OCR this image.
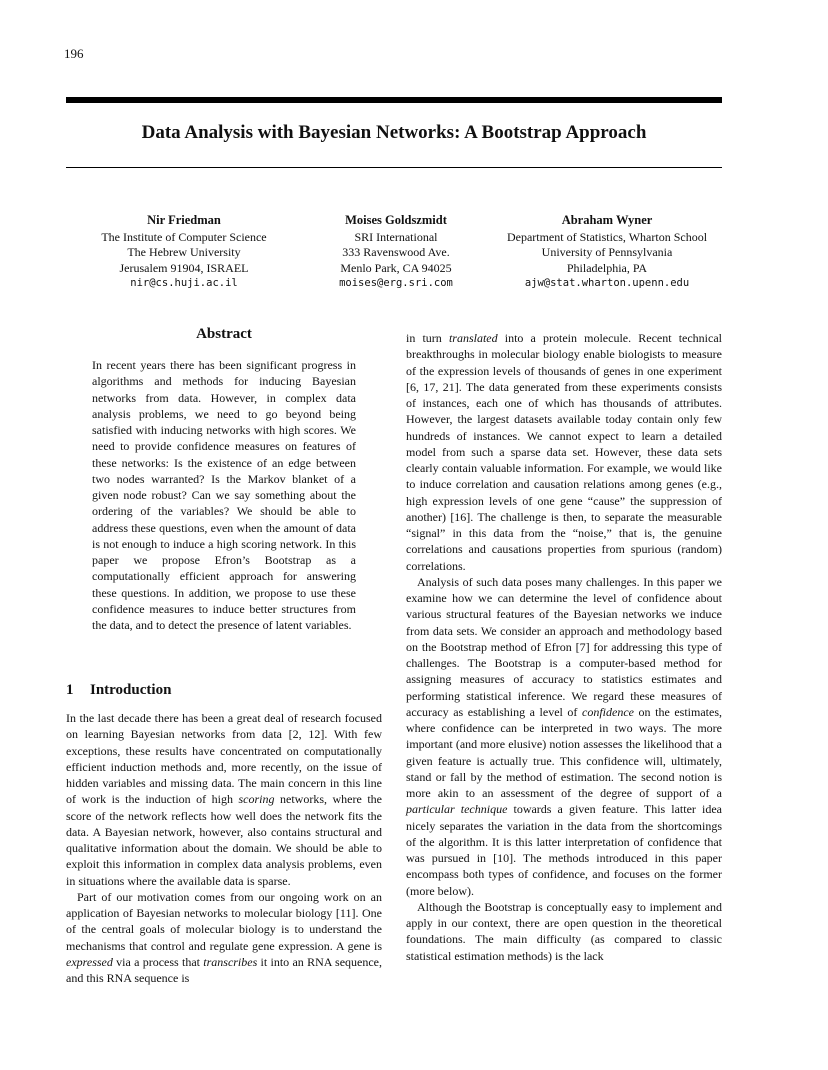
196
Data Analysis with Bayesian Networks: A Bootstrap Approach
Nir Friedman
The Institute of Computer Science
The Hebrew University
Jerusalem 91904, ISRAEL
nir@cs.huji.ac.il
Moises Goldszmidt
SRI International
333 Ravenswood Ave.
Menlo Park, CA 94025
moises@erg.sri.com
Abraham Wyner
Department of Statistics, Wharton School
University of Pennsylvania
Philadelphia, PA
ajw@stat.wharton.upenn.edu
Abstract

In recent years there has been significant progress in algorithms and methods for inducing Bayesian networks from data. However, in complex data analysis problems, we need to go beyond being satisfied with inducing networks with high scores. We need to provide confidence measures on features of these networks: Is the existence of an edge between two nodes warranted? Is the Markov blanket of a given node robust? Can we say something about the ordering of the variables? We should be able to address these questions, even when the amount of data is not enough to induce a high scoring network. In this paper we propose Efron’s Bootstrap as a computationally efficient approach for answering these questions. In addition, we propose to use these confidence measures to induce better structures from the data, and to detect the presence of latent variables.

1 Introduction

In the last decade there has been a great deal of research focused on learning Bayesian networks from data [2, 12]. With few exceptions, these results have concentrated on computationally efficient induction methods and, more recently, on the issue of hidden variables and missing data. The main concern in this line of work is the induction of high scoring networks, where the score of the network reflects how well does the network fits the data. A Bayesian network, however, also contains structural and qualitative information about the domain. We should be able to exploit this information in complex data analysis problems, even in situations where the available data is sparse.

Part of our motivation comes from our ongoing work on an application of Bayesian networks to molecular biology [11]. One of the central goals of molecular biology is to understand the mechanisms that control and regulate gene expression. A gene is expressed via a process that transcribes it into an RNA sequence, and this RNA sequence is

in turn translated into a protein molecule. Recent technical breakthroughs in molecular biology enable biologists to measure of the expression levels of thousands of genes in one experiment [6, 17, 21]. The data generated from these experiments consists of instances, each one of which has thousands of attributes. However, the largest datasets available today contain only few hundreds of instances. We cannot expect to learn a detailed model from such a sparse data set. However, these data sets clearly contain valuable information. For example, we would like to induce correlation and causation relations among genes (e.g., high expression levels of one gene “cause” the suppression of another) [16]. The challenge is then, to separate the measurable “signal” in this data from the “noise,” that is, the genuine correlations and causations properties from spurious (random) correlations.

Analysis of such data poses many challenges. In this paper we examine how we can determine the level of confidence about various structural features of the Bayesian networks we induce from data sets. We consider an approach and methodology based on the Bootstrap method of Efron [7] for addressing this type of challenges. The Bootstrap is a computer-based method for assigning measures of accuracy to statistics estimates and performing statistical inference. We regard these measures of accuracy as establishing a level of confidence on the estimates, where confidence can be interpreted in two ways. The more important (and more elusive) notion assesses the likelihood that a given feature is actually true. This confidence will, ultimately, stand or fall by the method of estimation. The second notion is more akin to an assessment of the degree of support of a particular technique towards a given feature. This latter idea nicely separates the variation in the data from the shortcomings of the algorithm. It is this latter interpretation of confidence that was pursued in [10]. The methods introduced in this paper encompass both types of confidence, and focuses on the former (more below).

Although the Bootstrap is conceptually easy to implement and apply in our context, there are open question in the theoretical foundations. The main difficulty (as compared to classic statistical estimation methods) is the lack
